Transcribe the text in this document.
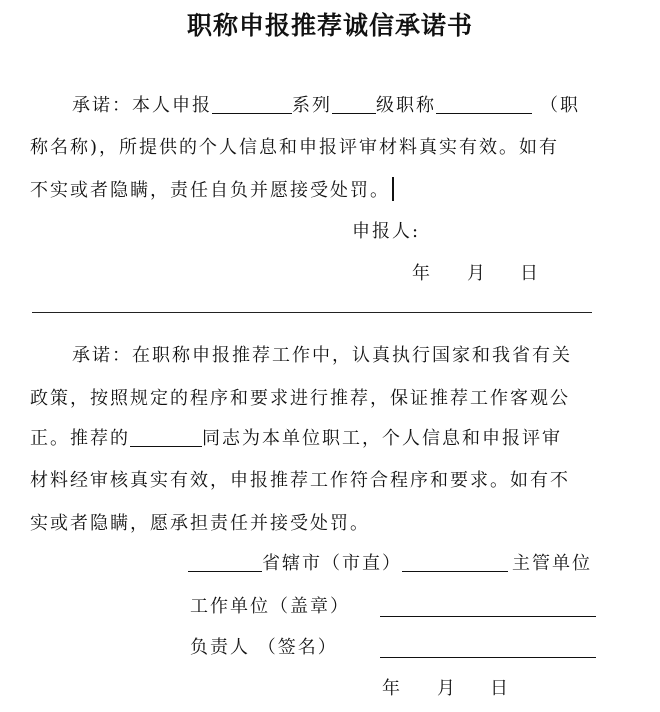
职称申报推荐诚信承诺书
承诺：本人申报	系列 级职称	（职
称名称)，所提供的个人信息和申报评审材料真实有效。如有
不实或者隐瞒，责任自负并愿接受处罚。
申报人:
年 月 日
承诺：在职称申报推荐工作中，认真执行国家和我省有关
政策，按照规定的程序和要求进行推荐，保证推荐工作客观公
正。推荐的	同志为本单位职工，个人信息和申报评审
材料经审核真实有效，申报推荐工作符合程序和要求。如有不
实或者隐瞒，愿承担责任并接受处罚。
省辖市（市直）	主管单位
工作单位（盖章）
负责人 （签名）
年 月 日
